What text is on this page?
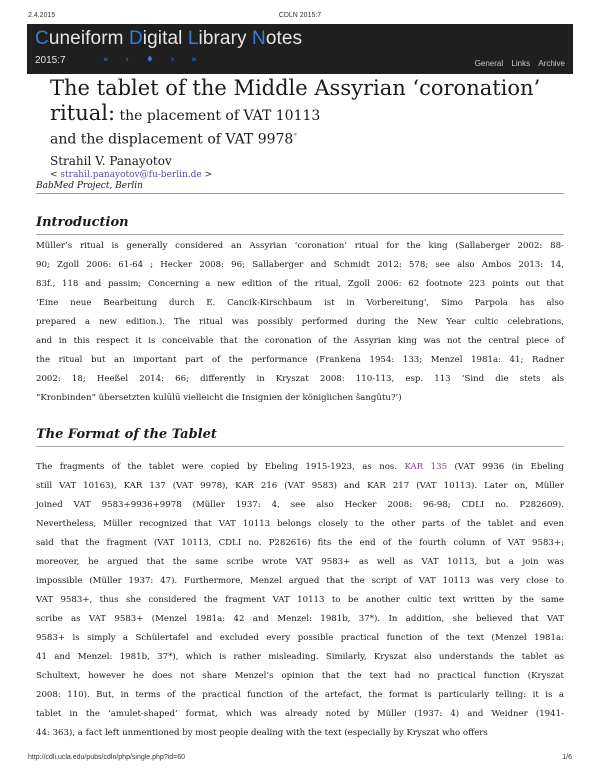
2.4.2015	CDLN 2015:7
Cuneiform Digital Library Notes
2015:7	« ‹ ♦ › »	General Links Archive
The tablet of the Middle Assyrian ‘coronation’
ritual: the placement of VAT 10113
and the displacement of VAT 9978*
Strahil V. Panayotov
< strahil.panayotov@fu-berlin.de >
BabMed Project, Berlin
Introduction
Müller’s ritual is generally considered an Assyrian ‘coronation’ ritual for the king (Sallaberger 2002: 88-
90; Zgoll 2006: 61-64 ; Hecker 2008: 96; Sallaberger and Schmidt 2012: 578; see also Ambos 2013: 14,
83f., 118 and passim; Concerning a new edition of the ritual, Zgoll 2006: 62 footnote 223 points out that
‘Eine neue Bearbeitung durch E. Cancik-Kirschbaum ist in Vorbereitung’, Simo Parpola has also
prepared a new edition.). The ritual was possibly performed during the New Year cultic celebrations,
and in this respect it is conceivable that the coronation of the Assyrian king was not the central piece of
the ritual but an important part of the performance (Frankena 1954: 133; Menzel 1981a: 41; Radner
2002: 18; Heeßel 2014: 66; differently in Kryszat 2008: 110-113, esp. 113 ‘Sind die stets als
“Kronbinden” übersetzten kulūlū vielleicht die Insignien der königlichen šangûtu?’)
The Format of the Tablet
The fragments of the tablet were copied by Ebeling 1915-1923, as nos. KAR 135 (VAT 9936 (in Ebeling
still VAT 10163), KAR 137 (VAT 9978), KAR 216 (VAT 9583) and KAR 217 (VAT 10113). Later on, Müller
joined VAT 9583+9936+9978 (Müller 1937: 4, see also Hecker 2008: 96-98; CDLI no. P282609).
Nevertheless, Müller recognized that VAT 10113 belongs closely to the other parts of the tablet and even
said that the fragment (VAT 10113, CDLI no. P282616) fits the end of the fourth column of VAT 9583+;
moreover, he argued that the same scribe wrote VAT 9583+ as well as VAT 10113, but a join was
impossible (Müller 1937: 47). Furthermore, Menzel argued that the script of VAT 10113 was very close to
VAT 9583+, thus she considered the fragment VAT 10113 to be another cultic text written by the same
scribe as VAT 9583+ (Menzel 1981a: 42 and Menzel: 1981b, 37*). In addition, she believed that VAT
9583+ is simply a Schülertafel and excluded every possible practical function of the text (Menzel 1981a:
41 and Menzel: 1981b, 37*), which is rather misleading. Similarly, Kryszat also understands the tablet as
Schultext, however he does not share Menzel’s opinion that the text had no practical function (Kryszat
2008: 110). But, in terms of the practical function of the artefact, the format is particularly telling: it is a
tablet in the ‘amulet-shaped’ format, which was already noted by Müller (1937: 4) and Weidner (1941-
44: 363), a fact left unmentioned by most people dealing with the text (especially by Kryszat who offers
http://cdli.ucla.edu/pubs/cdln/php/single.php?id=60	1/6
